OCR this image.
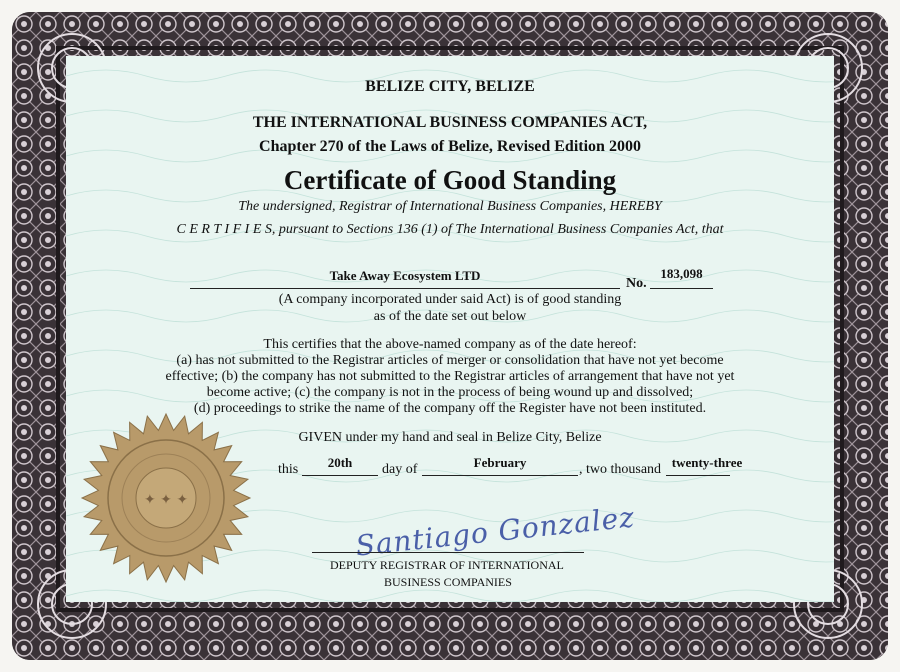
BELIZE CITY, BELIZE
THE INTERNATIONAL BUSINESS COMPANIES ACT,
Chapter 270 of the Laws of Belize, Revised Edition 2000
Certificate of Good Standing
The undersigned, Registrar of International Business Companies, HEREBY
C E R T I F I E S, pursuant to Sections 136 (1) of The International Business Companies Act, that
Take Away Ecosystem LTD
No.
183,098
(A company incorporated under said Act) is of good standing
as of the date set out below
This certifies that the above-named company as of the date hereof:
(a) has not submitted to the Registrar articles of merger or consolidation that have not yet become
effective; (b) the company has not submitted to the Registrar articles of arrangement that have not yet
become active; (c) the company is not in the process of being wound up and dissolved;
(d) proceedings to strike the name of the company off the Register have not been instituted.
GIVEN under my hand and seal in Belize City, Belize
this	20th	day of	February	, two thousand twenty-three
✦ ✦ ✦
Santiago Gonzalez
DEPUTY REGISTRAR OF INTERNATIONAL
BUSINESS COMPANIES
